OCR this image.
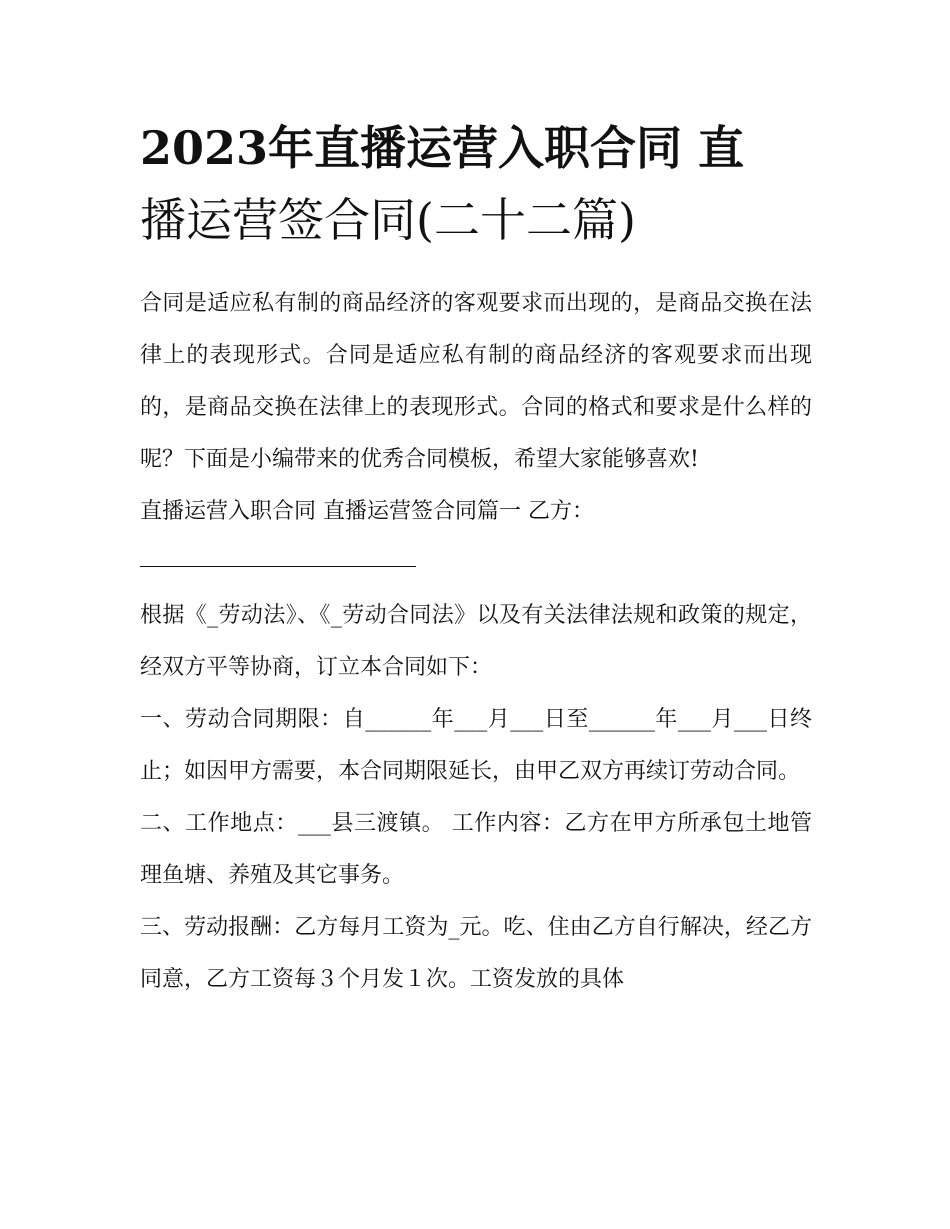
2023年直播运营入职合同 直
播运营签合同(二十二篇)

合同是适应私有制的商品经济的客观要求而出现的，是商品交换在法律上的表现形式。合同是适应私有制的商品经济的客观要求而出现的，是商品交换在法律上的表现形式。合同的格式和要求是什么样的呢？下面是小编带来的优秀合同模板，希望大家能够喜欢!

直播运营入职合同 直播运营签合同篇一 乙方：

根据《_劳动法》、《_劳动合同法》以及有关法律法规和政策的规定，经双方平等协商，订立本合同如下：

一、劳动合同期限：自______年___月___日至______年___月___日终止；如因甲方需要，本合同期限延长，由甲乙双方再续订劳动合同。

二、工作地点：___县三渡镇。 工作内容：乙方在甲方所承包土地管理鱼塘、养殖及其它事务。

三、劳动报酬：乙方每月工资为_元。吃、住由乙方自行解决，经乙方同意，乙方工资每３个月发１次。工资发放的具体
